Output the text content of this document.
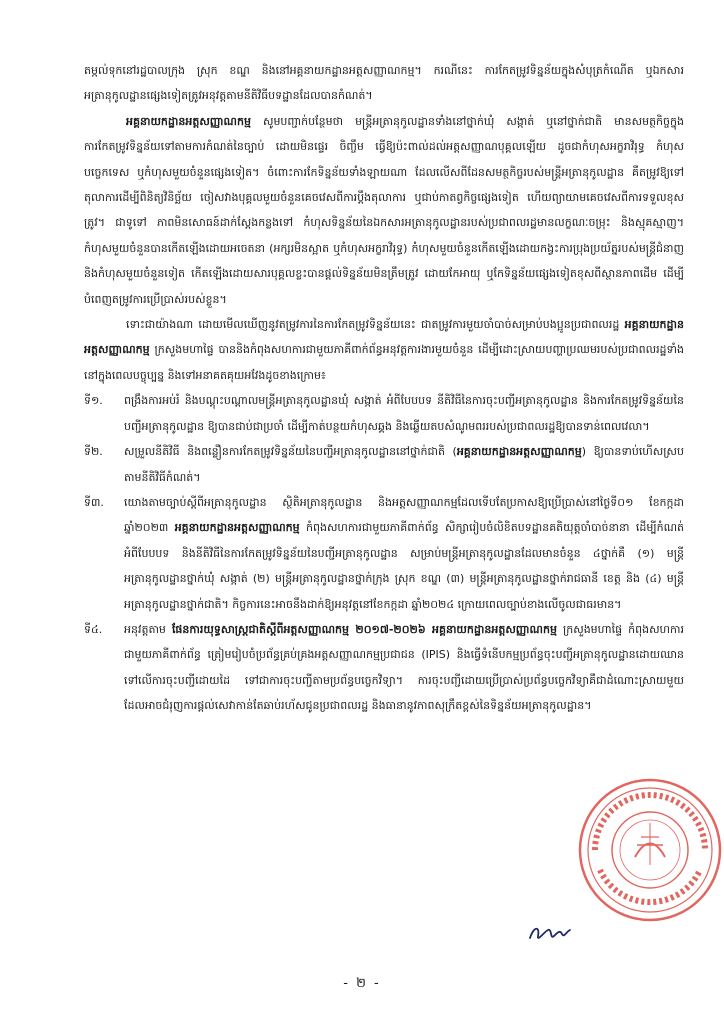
តម្កល់ទុកនៅរដ្ឋបាលក្រុង ស្រុក ខណ្ឌ និងនៅអគ្គនាយកដ្ឋានអត្តសញ្ញាណកម្ម។ ករណីនេះ ការកែតម្រូវទិន្នន័យក្នុងសំបុត្រកំណើត ឬឯកសារអត្រានុកូលដ្ឋានផ្សេងទៀតត្រូវអនុវត្តតាមនីតិវិធីបទដ្ឋានដែលបានកំណត់។

អគ្គនាយកដ្ឋានអត្តសញ្ញាណកម្ម សូមបញ្ជាក់បន្ថែមថា មន្ត្រីអត្រានុកូលដ្ឋានទាំងនៅថ្នាក់ឃុំ សង្កាត់ ឬនៅថ្នាក់ជាតិ មានសមត្ថកិច្ចក្នុងការកែតម្រូវទិន្នន័យទៅតាមការកំណត់នៃច្បាប់ ដោយមិនផ្ទេរ ចិញ្ចឹម ធ្វើឱ្យប៉ះពាល់ដល់អត្តសញ្ញាណបុគ្គលឡើយ ដូចជាកំហុសអក្ខរាវិរុទ្ធ កំហុសបច្ចេកទេស ឬកំហុសមួយចំនួនផ្សេងទៀត។ ចំពោះការកែទិន្នន័យទាំងឡាយណា ដែលលើសពីដែនសមត្ថកិច្ចរបស់មន្ត្រីអត្រានុកូលដ្ឋាន គឺតម្រូវឱ្យទៅតុលាការដើម្បីពិនិត្យវិនិច្ឆ័យ ចៀសវាងបុគ្គលមួយចំនួនគេចវេសពីការប្តឹងតុលាការ ឬជាប់កាតព្វកិច្ចផ្សេងទៀត ហើយព្យាយាមគេចវេសពីការទទួលខុសត្រូវ។ ជាទូទៅ ភាពមិនសោធន៍ដាក់ស្តែងកន្លងទៅ កំហុសទិន្នន័យនៃឯកសារអត្រានុកូលដ្ឋានរបស់ប្រជាពលរដ្ឋមានលក្ខណៈចម្រុះ និងស្មុគស្មាញ។ កំហុសមួយចំនួនបានកើតឡើងដោយអចេតនា (អក្សរមិនស្អាត ឬកំហុសអក្ខរាវិរុទ្ធ) កំហុសមួយចំនួនកើតឡើងដោយកង្វះការប្រុងប្រយ័ត្នរបស់មន្ត្រីជំនាញ និងកំហុសមួយចំនួនទៀត កើតឡើងដោយសារបុគ្គលខ្លះបានផ្តល់ទិន្នន័យមិនត្រឹមត្រូវ ដោយកែអាយុ ឬកែទិន្នន័យផ្សេងទៀតខុសពីស្ថានភាពដើម ដើម្បីបំពេញតម្រូវការប្រើប្រាស់របស់ខ្លួន។

ទោះជាយ៉ាងណា ដោយមើលឃើញនូវតម្រូវការនៃការកែតម្រូវទិន្នន័យនេះ ជាតម្រូវការមួយចាំបាច់សម្រាប់បងប្អូនប្រជាពលរដ្ឋ អគ្គនាយកដ្ឋានអត្តសញ្ញាណកម្ម ក្រសួងមហាផ្ទៃ បាននិងកំពុងសហការជាមួយភាគីពាក់ព័ន្ធអនុវត្តការងារមួយចំនួន ដើម្បីដោះស្រាយបញ្ហាប្រឈមរបស់ប្រជាពលរដ្ឋទាំងនៅក្នុងពេលបច្ចុប្បន្ន និងទៅអនាគតគុយអវែងដូចខាងក្រោម៖

ទី១.	ពង្រឹងការអប់រំ និងបណ្តុះបណ្តាលមន្ត្រីអត្រានុកូលដ្ឋានឃុំ សង្កាត់ អំពីបែបបទ នីតិវិធីនៃការចុះបញ្ជីអត្រានុកូលដ្ឋាន និងការកែតម្រូវទិន្នន័យនៃបញ្ជីអត្រានុកូលដ្ឋាន ឱ្យបានជាប់ជាប្រចាំ ដើម្បីកាត់បន្ថយកំហុសឆ្គង និងឆ្លើយតបសំណូមពររបស់ប្រជាពលរដ្ឋឱ្យបានទាន់ពេលវេលា។
ទី២.	សម្រួលនីតិវិធី និងពន្លឿនការកែតម្រូវទិន្នន័យនៃបញ្ជីអត្រានុកូលដ្ឋាននៅថ្នាក់ជាតិ (អគ្គនាយកដ្ឋានអត្តសញ្ញាណកម្ម) ឱ្យបានទាប់ហើសស្របតាមនីតិវិធីកំណត់។
ទី៣.	យោងតាមច្បាប់ស្តីពីអត្រានុកូលដ្ឋាន ស្ថិតិអត្រានុកូលដ្ឋាន និងអត្តសញ្ញាណកម្មដែលទើបតែប្រកាសឱ្យប្រើប្រាស់នៅថ្ងៃទី០១ ខែកក្កដា ឆ្នាំ២០២៣ អគ្គនាយកដ្ឋានអត្តសញ្ញាណកម្ម កំពុងសហការជាមួយភាគីពាក់ព័ន្ធ សិក្សារៀបចំលិខិតបទដ្ឋានគតិយុត្តចាំបាច់នានា ដើម្បីកំណត់អំពីបែបបទ និងនីតិវិធីនៃការកែតម្រូវទិន្នន័យនៃបញ្ជីអត្រានុកូលដ្ឋាន សម្រាប់មន្ត្រីអត្រានុកូលដ្ឋានដែលមានចំនួន ៤ថ្នាក់គឺ (១) មន្ត្រីអត្រានុកូលដ្ឋានថ្នាក់ឃុំ សង្កាត់ (២) មន្ត្រីអត្រានុកូលដ្ឋានថ្នាក់ក្រុង ស្រុក ខណ្ឌ (៣) មន្ត្រីអត្រានុកូលដ្ឋានថ្នាក់រាជធានី ខេត្ត និង (៤) មន្ត្រីអត្រានុកូលដ្ឋានថ្នាក់ជាតិ។ កិច្ចការនេះអាចនឹងដាក់ឱ្យអនុវត្តនៅខែកក្កដា ឆ្នាំ២០២៤ ក្រោយពេលច្បាប់ខាងលើចូលជាធរមាន។
ទី៤.	អនុវត្តតាម ផែនការយុទ្ធសាស្ត្រជាតិស្តីពីអត្តសញ្ញាណកម្ម ២០១៧-២០២៦ អគ្គនាយកដ្ឋានអត្តសញ្ញាណកម្ម ក្រសួងមហាផ្ទៃ កំពុងសហការជាមួយភាគីពាក់ព័ន្ធ ត្រៀមរៀបចំប្រព័ន្ធគ្រប់គ្រងអត្តសញ្ញាណកម្មប្រជាជន (IPIS) និងធ្វើទំនើបកម្មប្រព័ន្ធចុះបញ្ជីអត្រានុកូលដ្ឋានដោយឈានទៅលើការចុះបញ្ជីដោយដៃ ទៅជាការចុះបញ្ជីតាមប្រព័ន្ធបច្ចេកវិទ្យា។ ការចុះបញ្ជីដោយប្រើប្រាស់ប្រព័ន្ធបច្ចេកវិទ្យាគឺជាដំណោះស្រាយមួយ ដែលអាចជំរុញការផ្តល់សេវាកាន់តែឆាប់រហ័សជូនប្រជាពលរដ្ឋ និងធានានូវភាពសុក្រឹតខ្ពស់នៃទិន្នន័យអត្រានុកូលដ្ឋាន។
- ២ -
